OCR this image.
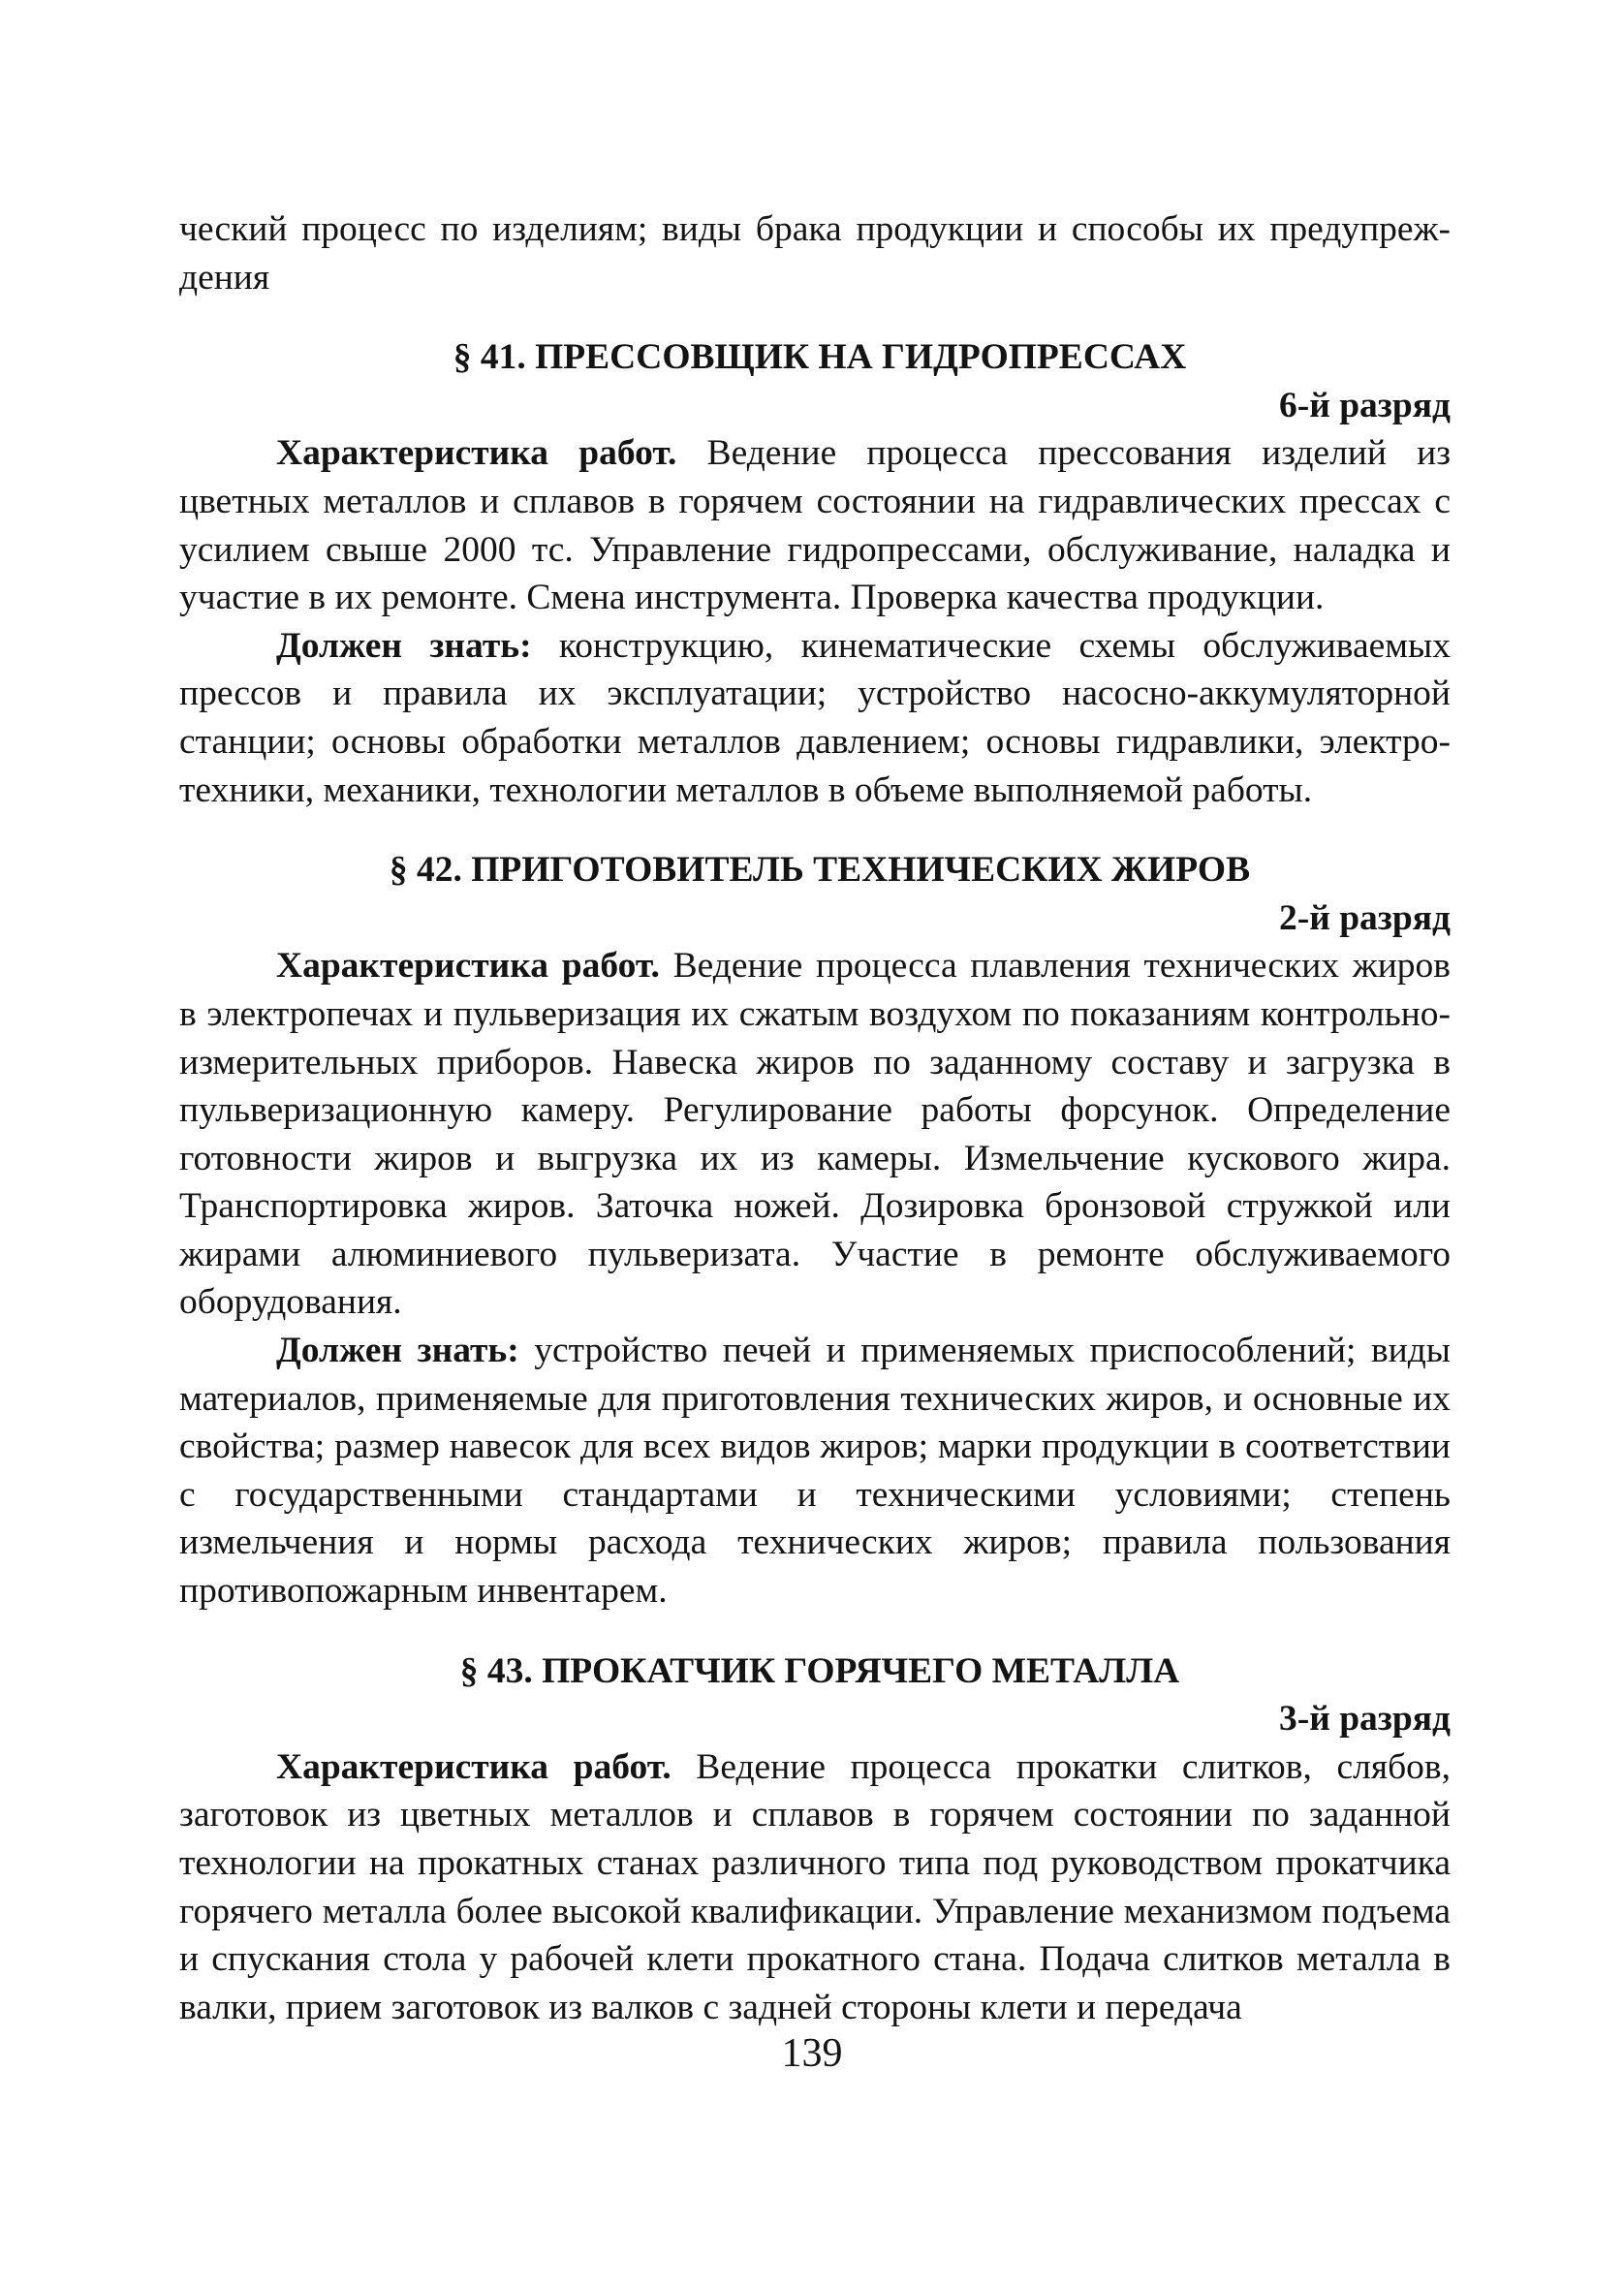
ческий процесс по изделиям; виды брака продукции и способы их предупреждения

§ 41. ПРЕССОВЩИК НА ГИДРОПРЕССАХ
6-й разряд

Характеристика работ. Ведение процесса прессования изделий из цветных металлов и сплавов в горячем состоянии на гидравлических прессах с усилием свыше 2000 тс. Управление гидропрессами, обслуживание, наладка и участие в их ремонте. Смена инструмента. Проверка качества продукции.

Должен знать: конструкцию, кинематические схемы обслуживаемых прессов и правила их эксплуатации; устройство насосно-аккумуляторной станции; основы обработки металлов давлением; основы гидравлики, электротехники, механики, технологии металлов в объеме выполняемой работы.

§ 42. ПРИГОТОВИТЕЛЬ ТЕХНИЧЕСКИХ ЖИРОВ
2-й разряд

Характеристика работ. Ведение процесса плавления технических жиров в электропечах и пульверизация их сжатым воздухом по показаниям контрольно-измерительных приборов. Навеска жиров по заданному составу и загрузка в пульверизационную камеру. Регулирование работы форсунок. Определение готовности жиров и выгрузка их из камеры. Измельчение кускового жира. Транспортировка жиров. Заточка ножей. Дозировка бронзовой стружкой или жирами алюминиевого пульверизата. Участие в ремонте обслуживаемого оборудования.

Должен знать: устройство печей и применяемых приспособлений; виды материалов, применяемые для приготовления технических жиров, и основные их свойства; размер навесок для всех видов жиров; марки продукции в соответствии с государственными стандартами и техническими условиями; степень измельчения и нормы расхода технических жиров; правила пользования противопожарным инвентарем.

§ 43. ПРОКАТЧИК ГОРЯЧЕГО МЕТАЛЛА
3-й разряд

Характеристика работ. Ведение процесса прокатки слитков, слябов, заготовок из цветных металлов и сплавов в горячем состоянии по заданной технологии на прокатных станах различного типа под руководством прокатчика горячего металла более высокой квалификации. Управление механизмом подъема и спускания стола у рабочей клети прокатного стана. Подача слитков металла в валки, прием заготовок из валков с задней стороны клети и передача

139
